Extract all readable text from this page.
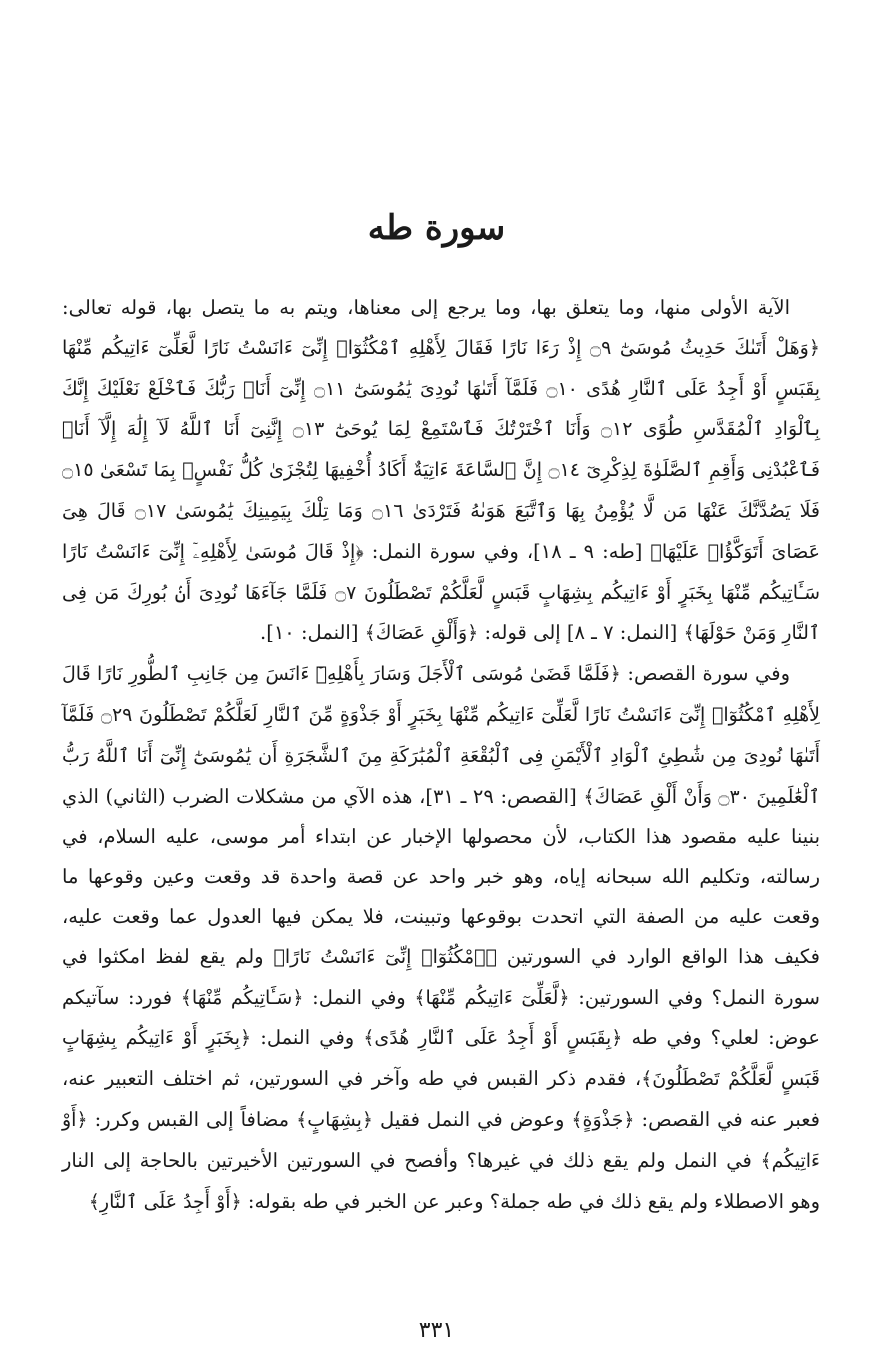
سورة طه

الآية الأولى منها، وما يتعلق بها، وما يرجع إلى معناها، ويتم به ما يتصل بها، قوله تعالى: ﴿وَهَلْ أَتَىٰكَ حَدِيثُ مُوسَىٰٓ ۝٩ إِذْ رَءَا نَارًا فَقَالَ لِأَهْلِهِ ٱمْكُثُوٓا۟ إِنِّىٓ ءَانَسْتُ نَارًا لَّعَلِّىٓ ءَاتِيكُم مِّنْهَا بِقَبَسٍ أَوْ أَجِدُ عَلَى ٱلنَّارِ هُدًى ۝١٠ فَلَمَّآ أَتَىٰهَا نُودِىَ يَٰمُوسَىٰٓ ۝١١ إِنِّىٓ أَنَا۠ رَبُّكَ فَٱخْلَعْ نَعْلَيْكَ إِنَّكَ بِٱلْوَادِ ٱلْمُقَدَّسِ طُوًى ۝١٢ وَأَنَا ٱخْتَرْتُكَ فَٱسْتَمِعْ لِمَا يُوحَىٰٓ ۝١٣ إِنَّنِىٓ أَنَا ٱللَّهُ لَآ إِلَٰهَ إِلَّآ أَنَا۠ فَٱعْبُدْنِى وَأَقِمِ ٱلصَّلَوٰةَ لِذِكْرِىٓ ۝١٤ إِنَّ ٱلسَّاعَةَ ءَاتِيَةٌ أَكَادُ أُخْفِيهَا لِتُجْزَىٰ كُلُّ نَفْسٍۭ بِمَا تَسْعَىٰ ۝١٥ فَلَا يَصُدَّنَّكَ عَنْهَا مَن لَّا يُؤْمِنُ بِهَا وَٱتَّبَعَ هَوَىٰهُ فَتَرْدَىٰ ۝١٦ وَمَا تِلْكَ بِيَمِينِكَ يَٰمُوسَىٰ ۝١٧ قَالَ هِىَ عَصَاىَ أَتَوَكَّؤُا۟ عَلَيْهَا﴾ [طه: ٩ ـ ١٨]، وفي سورة النمل: ﴿إِذْ قَالَ مُوسَىٰ لِأَهْلِهِۦٓ إِنِّىٓ ءَانَسْتُ نَارًا سَـَٔاتِيكُم مِّنْهَا بِخَبَرٍ أَوْ ءَاتِيكُم بِشِهَابٍ قَبَسٍ لَّعَلَّكُمْ تَصْطَلُونَ ۝٧ فَلَمَّا جَآءَهَا نُودِىَ أَنۢ بُورِكَ مَن فِى ٱلنَّارِ وَمَنْ حَوْلَهَا﴾ [النمل: ٧ ـ ٨] إلى قوله: ﴿وَأَلْقِ عَصَاكَ﴾ [النمل: ١٠].

وفي سورة القصص: ﴿فَلَمَّا قَضَىٰ مُوسَى ٱلْأَجَلَ وَسَارَ بِأَهْلِهِۦٓ ءَانَسَ مِن جَانِبِ ٱلطُّورِ نَارًا قَالَ لِأَهْلِهِ ٱمْكُثُوٓا۟ إِنِّىٓ ءَانَسْتُ نَارًا لَّعَلِّىٓ ءَاتِيكُم مِّنْهَا بِخَبَرٍ أَوْ جَذْوَةٍ مِّنَ ٱلنَّارِ لَعَلَّكُمْ تَصْطَلُونَ ۝٢٩ فَلَمَّآ أَتَىٰهَا نُودِىَ مِن شَٰطِئِ ٱلْوَادِ ٱلْأَيْمَنِ فِى ٱلْبُقْعَةِ ٱلْمُبَٰرَكَةِ مِنَ ٱلشَّجَرَةِ أَن يَٰمُوسَىٰٓ إِنِّىٓ أَنَا ٱللَّهُ رَبُّ ٱلْعَٰلَمِينَ ۝٣٠ وَأَنْ أَلْقِ عَصَاكَ﴾ [القصص: ٢٩ ـ ٣١]، هذه الآي من مشكلات الضرب (الثاني) الذي بنينا عليه مقصود هذا الكتاب، لأن محصولها الإخبار عن ابتداء أمر موسى، عليه السلام، في رسالته، وتكليم الله سبحانه إياه، وهو خبر واحد عن قصة واحدة قد وقعت وعين وقوعها ما وقعت عليه من الصفة التي اتحدت بوقوعها وتبينت، فلا يمكن فيها العدول عما وقعت عليه، فكيف هذا الواقع الوارد في السورتين ﴿ٱمْكُثُوٓا۟ إِنِّىٓ ءَانَسْتُ نَارًا﴾ ولم يقع لفظ امكثوا في سورة النمل؟ وفي السورتين: ﴿لَّعَلِّىٓ ءَاتِيكُم مِّنْهَا﴾ وفي النمل: ﴿سَـَٔاتِيكُم مِّنْهَا﴾ فورد: سآتيكم عوض: لعلي؟ وفي طه ﴿بِقَبَسٍ أَوْ أَجِدُ عَلَى ٱلنَّارِ هُدًى﴾ وفي النمل: ﴿بِخَبَرٍ أَوْ ءَاتِيكُم بِشِهَابٍ قَبَسٍ لَّعَلَّكُمْ تَصْطَلُونَ﴾، فقدم ذكر القبس في طه وآخر في السورتين، ثم اختلف التعبير عنه، فعبر عنه في القصص: ﴿جَذْوَةٍ﴾ وعوض في النمل فقيل ﴿بِشِهَابٍ﴾ مضافاً إلى القبس وكرر: ﴿أَوْ ءَاتِيكُم﴾ في النمل ولم يقع ذلك في غيرها؟ وأفصح في السورتين الأخيرتين بالحاجة إلى النار وهو الاصطلاء ولم يقع ذلك في طه جملة؟ وعبر عن الخبر في طه بقوله: ﴿أَوْ أَجِدُ عَلَى ٱلنَّارِ﴾

٣٣١
